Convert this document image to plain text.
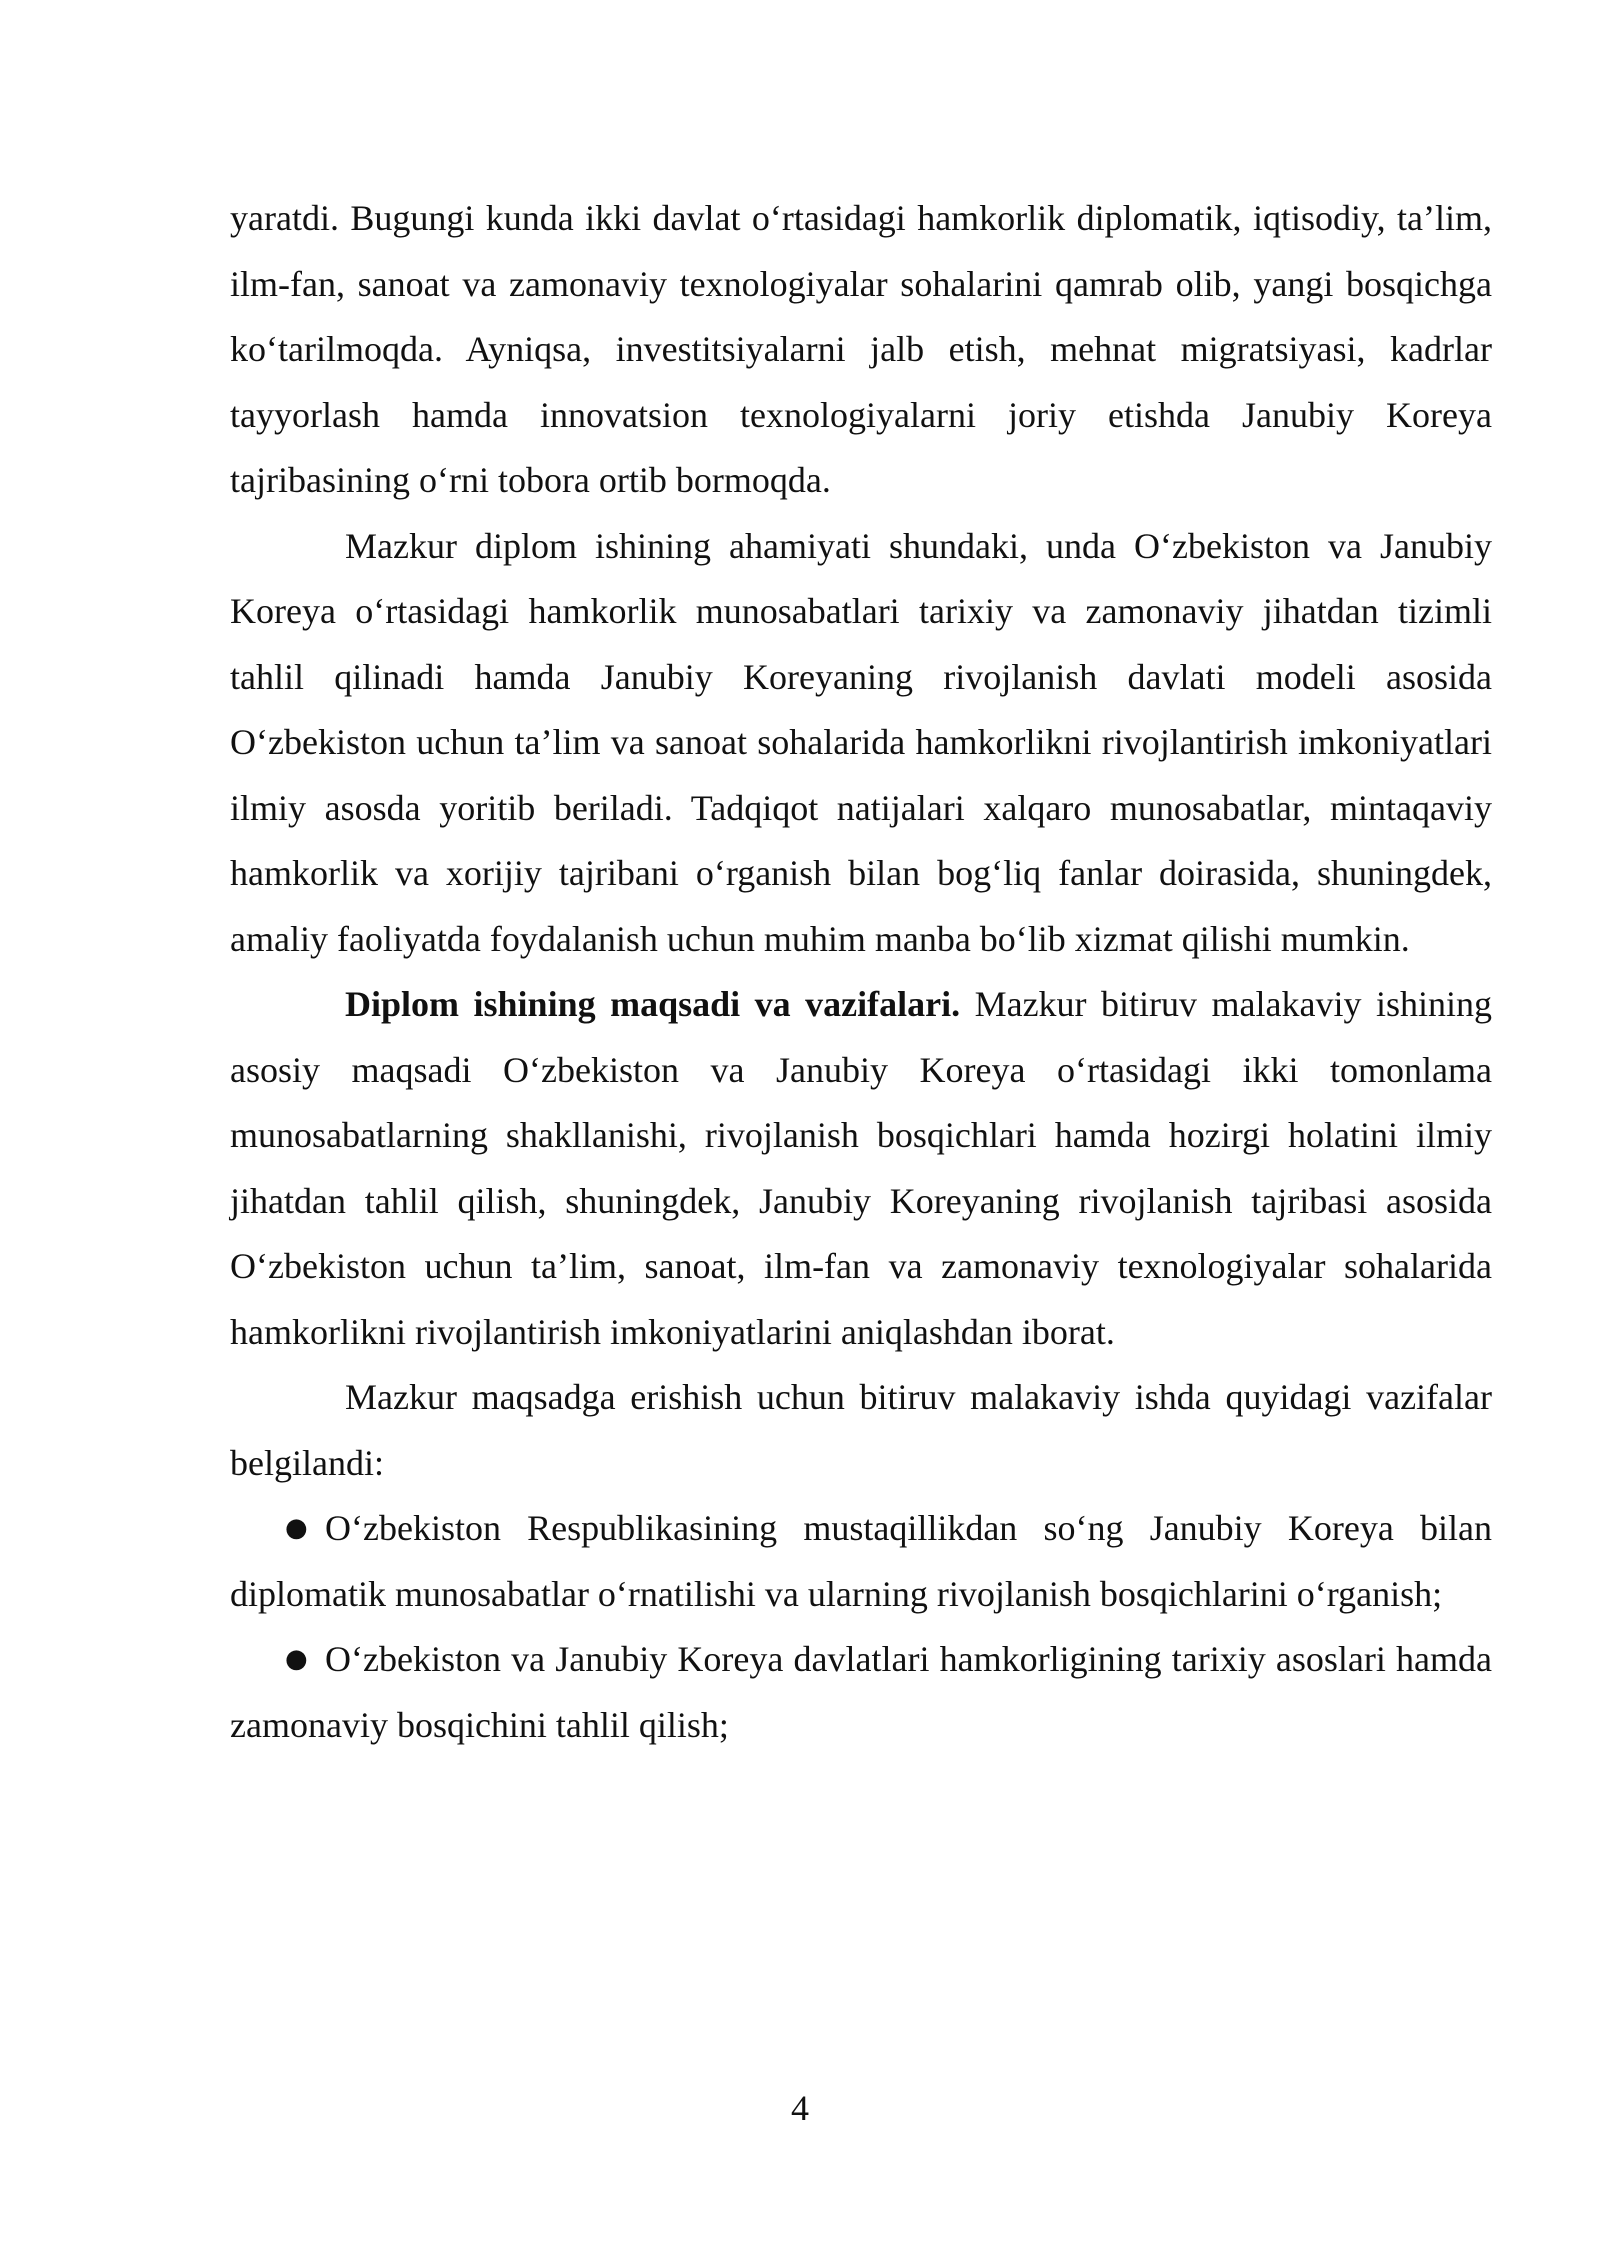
yaratdi. Bugungi kunda ikki davlat o‘rtasidagi hamkorlik diplomatik, iqtisodiy, ta’lim, ilm-fan, sanoat va zamonaviy texnologiyalar sohalarini qamrab olib, yangi bosqichga ko‘tarilmoqda. Ayniqsa, investitsiyalarni jalb etish, mehnat migratsiyasi, kadrlar tayyorlash hamda innovatsion texnologiyalarni joriy etishda Janubiy Koreya tajribasining o‘rni tobora ortib bormoqda.

Mazkur diplom ishining ahamiyati shundaki, unda O‘zbekiston va Janubiy Koreya o‘rtasidagi hamkorlik munosabatlari tarixiy va zamonaviy jihatdan tizimli tahlil qilinadi hamda Janubiy Koreyaning rivojlanish davlati modeli asosida O‘zbekiston uchun ta’lim va sanoat sohalarida hamkorlikni rivojlantirish imkoniyatlari ilmiy asosda yoritib beriladi. Tadqiqot natijalari xalqaro munosabatlar, mintaqaviy hamkorlik va xorijiy tajribani o‘rganish bilan bog‘liq fanlar doirasida, shuningdek, amaliy faoliyatda foydalanish uchun muhim manba bo‘lib xizmat qilishi mumkin.

Diplom ishining maqsadi va vazifalari. Mazkur bitiruv malakaviy ishining asosiy maqsadi O‘zbekiston va Janubiy Koreya o‘rtasidagi ikki tomonlama munosabatlarning shakllanishi, rivojlanish bosqichlari hamda hozirgi holatini ilmiy jihatdan tahlil qilish, shuningdek, Janubiy Koreyaning rivojlanish tajribasi asosida O‘zbekiston uchun ta’lim, sanoat, ilm-fan va zamonaviy texnologiyalar sohalarida hamkorlikni rivojlantirish imkoniyatlarini aniqlashdan iborat.

Mazkur maqsadga erishish uchun bitiruv malakaviy ishda quyidagi vazifalar belgilandi:

● O‘zbekiston Respublikasining mustaqillikdan so‘ng Janubiy Koreya bilan diplomatik munosabatlar o‘rnatilishi va ularning rivojlanish bosqichlarini o‘rganish;
● O‘zbekiston va Janubiy Koreya davlatlari hamkorligining tarixiy asoslari hamda zamonaviy bosqichini tahlil qilish;
4
